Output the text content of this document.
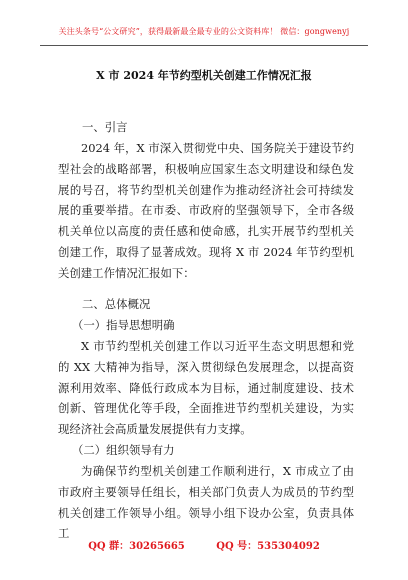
关注头条号“公文研究”，获得最新最全最专业的公文资料库！ 微信：gongwenyj
X 市 2024 年节约型机关创建工作情况汇报
一、引言
2024 年，X 市深入贯彻党中央、国务院关于建设节约型社会的战略部署，积极响应国家生态文明建设和绿色发展的号召，将节约型机关创建作为推动经济社会可持续发展的重要举措。在市委、市政府的坚强领导下，全市各级机关单位以高度的责任感和使命感，扎实开展节约型机关创建工作，取得了显著成效。现将 X 市 2024 年节约型机关创建工作情况汇报如下：
二、总体概况
（一）指导思想明确
X 市节约型机关创建工作以习近平生态文明思想和党的 XX 大精神为指导，深入贯彻绿色发展理念，以提高资源利用效率、降低行政成本为目标，通过制度建设、技术创新、管理优化等手段，全面推进节约型机关建设，为实现经济社会高质量发展提供有力支撑。
（二）组织领导有力
为确保节约型机关创建工作顺利进行，X 市成立了由市政府主要领导任组长，相关部门负责人为成员的节约型机关创建工作领导小组。领导小组下设办公室，负责具体工
QQ 群：30265665	QQ 号：535304092
